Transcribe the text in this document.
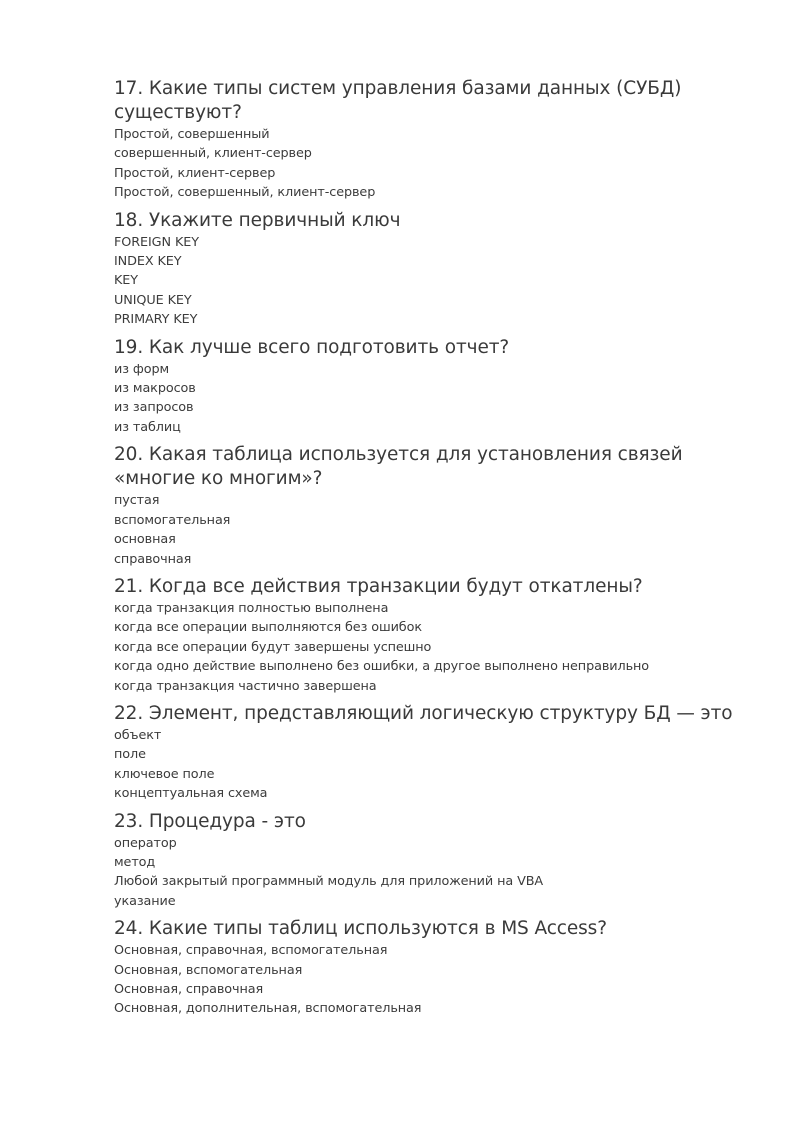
17. Какие типы систем управления базами данных (СУБД) существуют?
Простой, совершенный
совершенный, клиент-сервер
Простой, клиент-сервер
Простой, совершенный, клиент-сервер
18. Укажите первичный ключ
FOREIGN KEY
INDEX KEY
KEY
UNIQUE KEY
PRIMARY KEY
19. Как лучше всего подготовить отчет?
из форм
из макросов
из запросов
из таблиц
20. Какая таблица используется для установления связей «многие ко многим»?
пустая
вспомогательная
основная
справочная
21. Когда все действия транзакции будут откатлены?
когда транзакция полностью выполнена
когда все операции выполняются без ошибок
когда все операции будут завершены успешно
когда одно действие выполнено без ошибки, а другое выполнено неправильно
когда транзакция частично завершена
22. Элемент, представляющий логическую структуру БД — это
объект
поле
ключевое поле
концептуальная схема
23. Процедура - это
оператор
метод
Любой закрытый программный модуль для приложений на VBA
указание
24. Какие типы таблиц используются в MS Access?
Основная, справочная, вспомогательная
Основная, вспомогательная
Основная, справочная
Основная, дополнительная, вспомогательная
